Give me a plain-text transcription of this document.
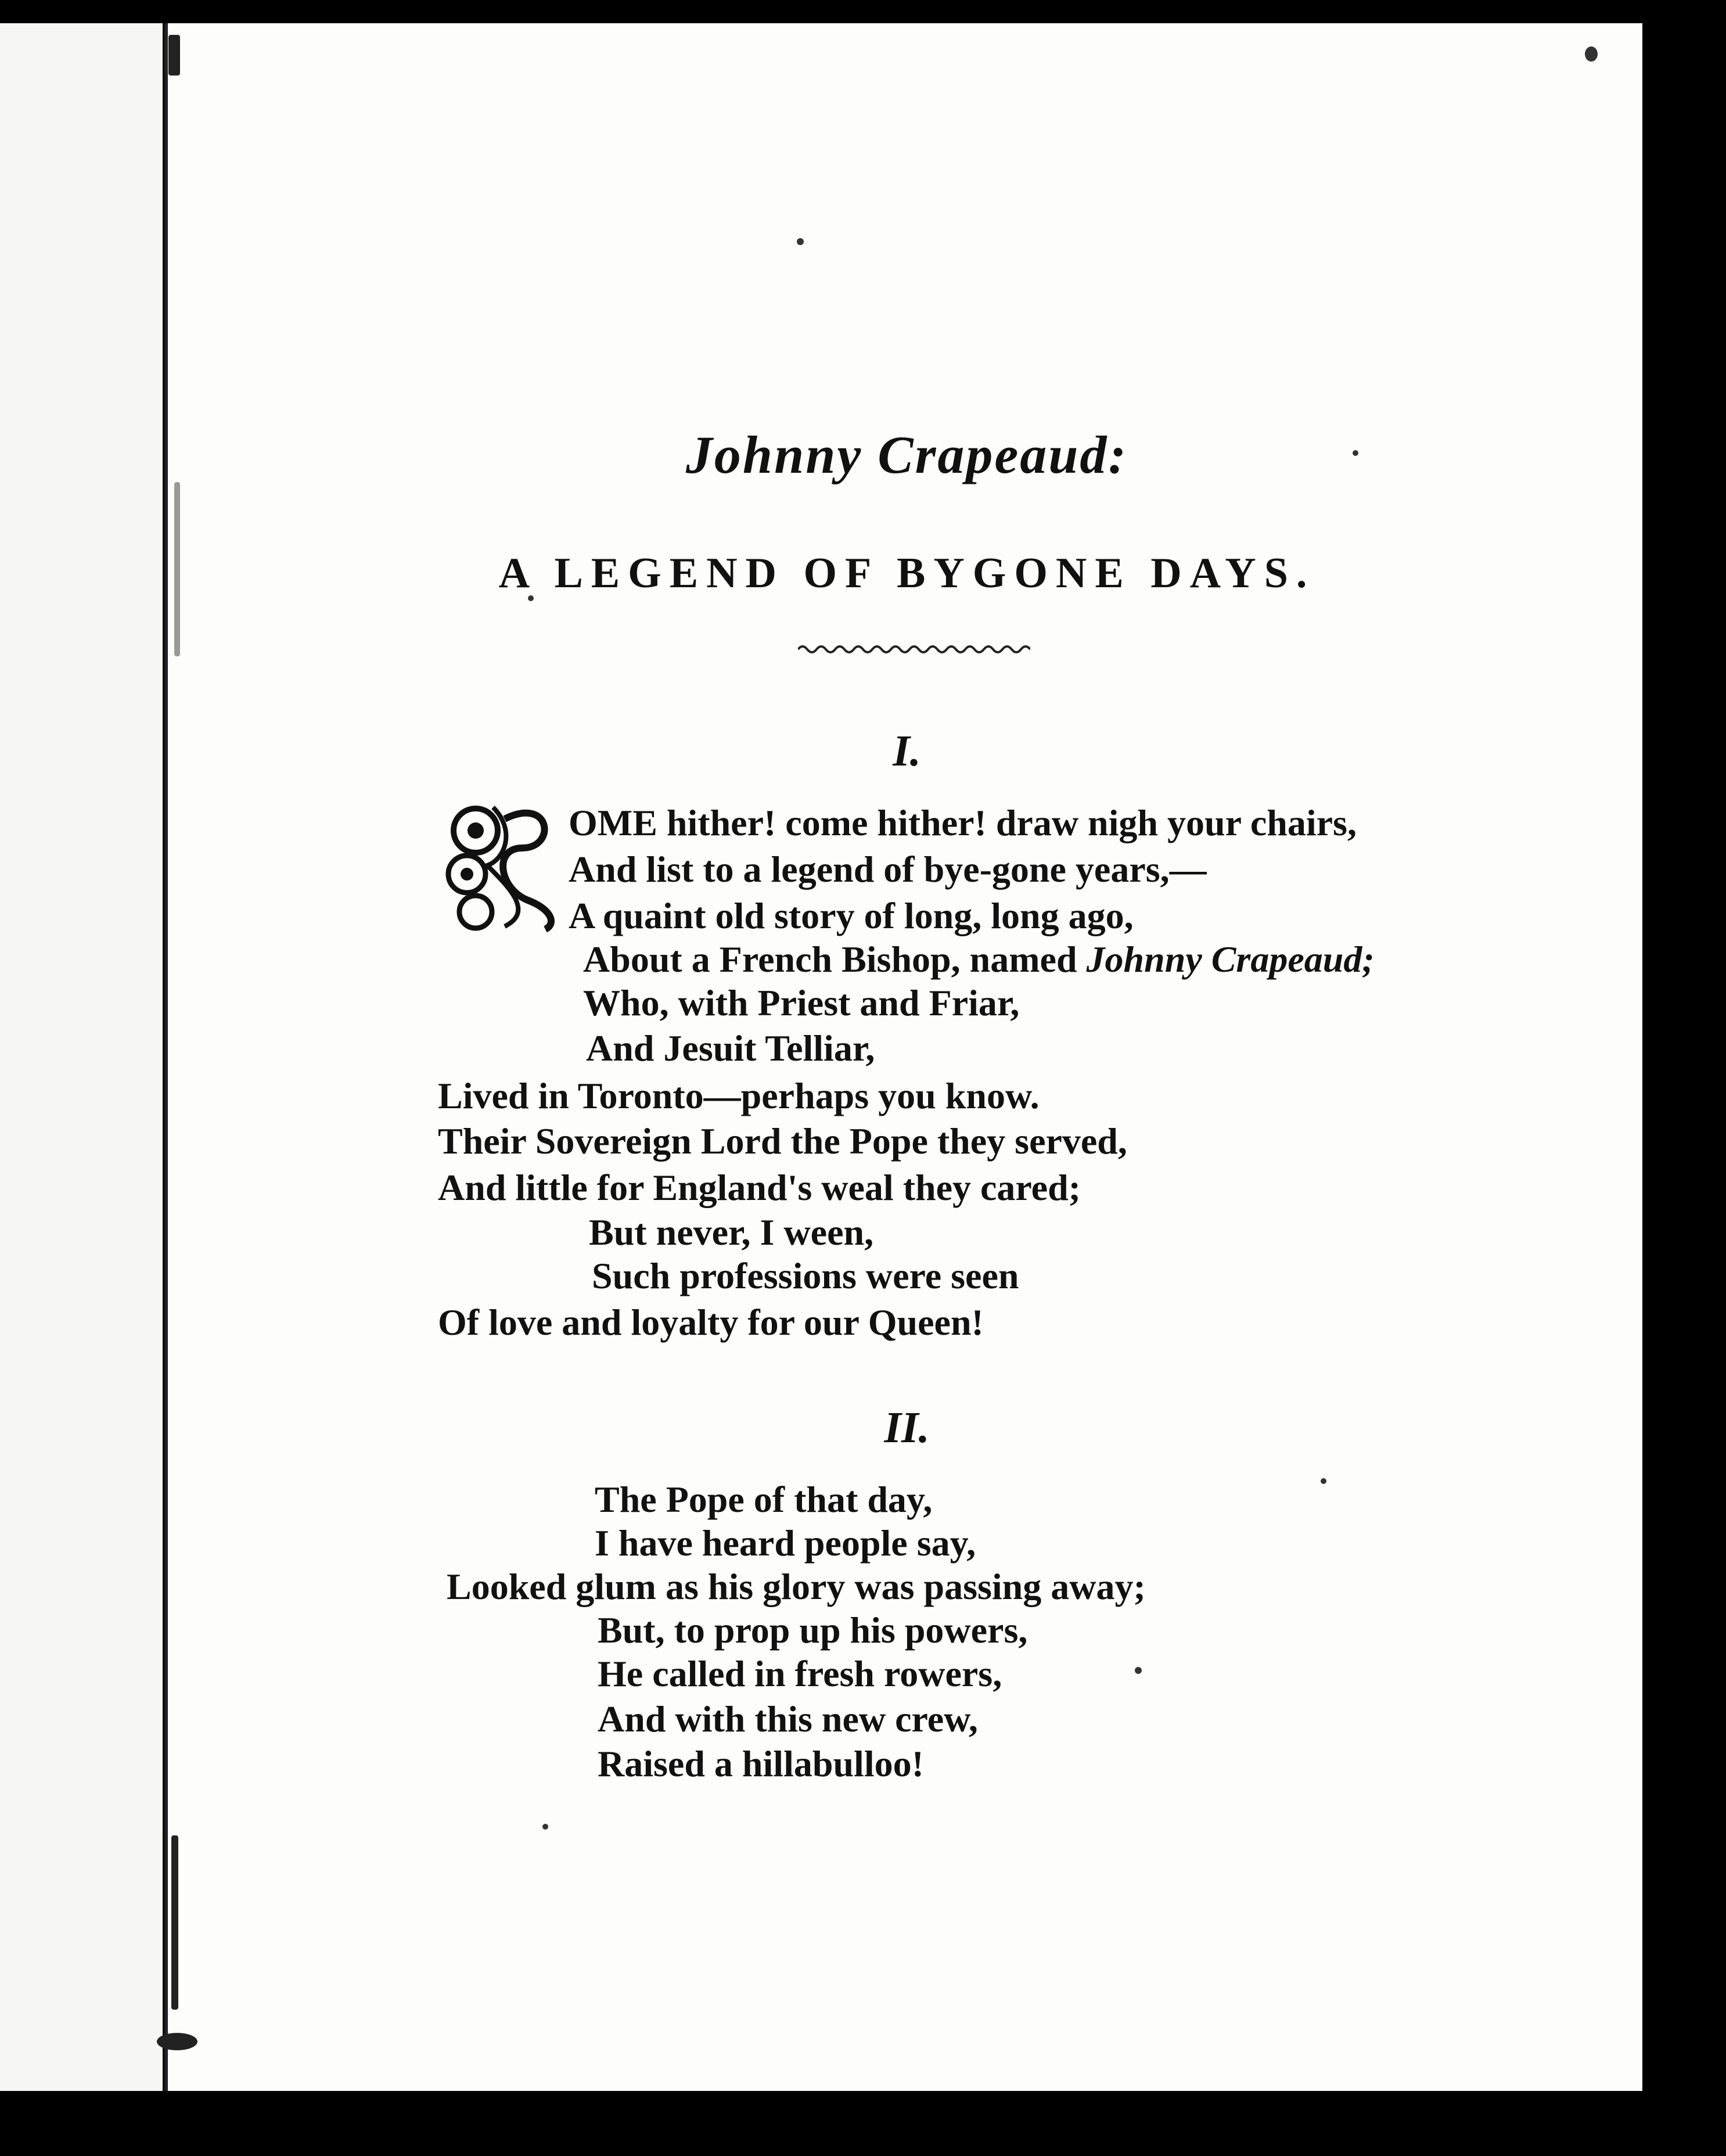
Johnny Crapeaud:
A LEGEND OF BYGONE DAYS.
I.
OME hither! come hither! draw nigh your chairs,
And list to a legend of bye-gone years,—
A quaint old story of long, long ago,
About a French Bishop, named Johnny Crapeaud;
Who, with Priest and Friar,
And Jesuit Telliar,
Lived in Toronto—perhaps you know.
Their Sovereign Lord the Pope they served,
And little for England's weal they cared;
But never, I ween,
Such professions were seen
Of love and loyalty for our Queen!
II.
The Pope of that day,
I have heard people say,
Looked glum as his glory was passing away;
But, to prop up his powers,
He called in fresh rowers,
And with this new crew,
Raised a hillabulloo!
